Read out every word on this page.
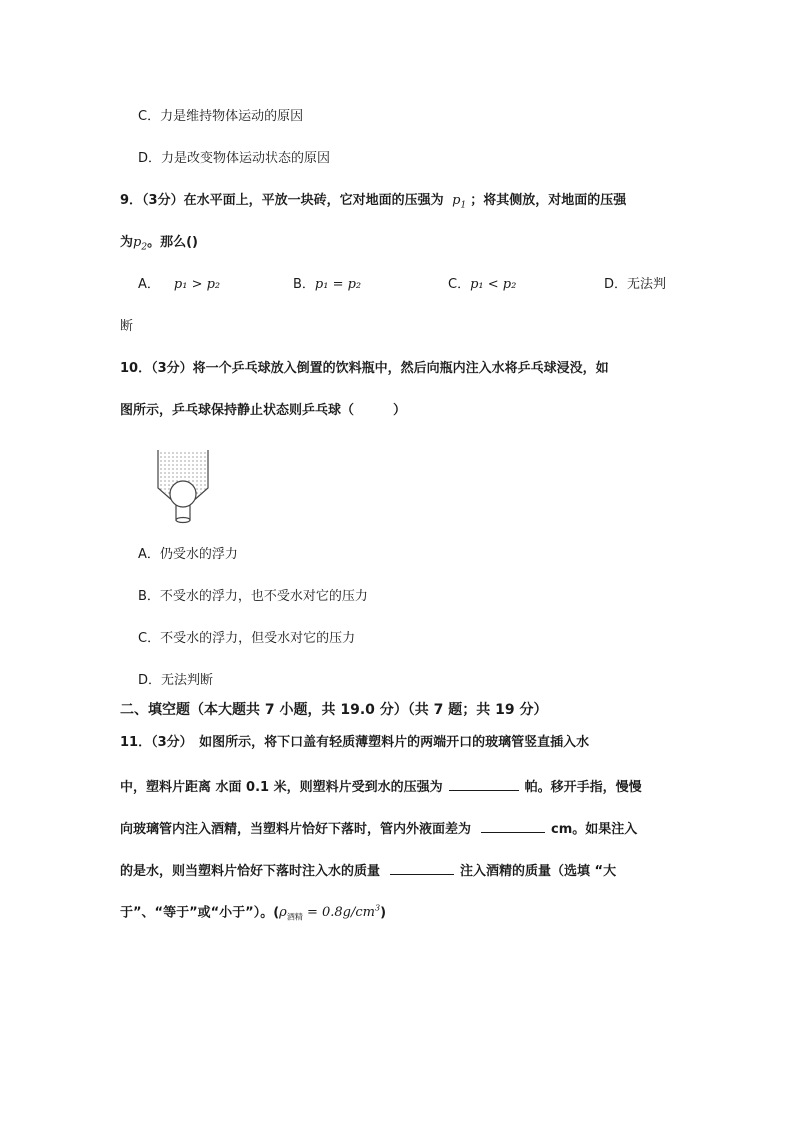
C．力是维持物体运动的原因
D．力是改变物体运动状态的原因
9．（3分）在水平面上，平放一块砖，它对地面的压强为 $p_1$ ；将其侧放，对地面的压强
为$p_2$。那么()
A． p₁ > p₂	B．p₁ = p₂	C．p₁ < p₂	D．无法判
断
10．（3分）将一个乒乓球放入倒置的饮料瓶中，然后向瓶内注入水将乒乓球浸没，如
图所示，乒乓球保持静止状态则乒乓球（　　　）
A．仍受水的浮力
B．不受水的浮力，也不受水对它的压力
C．不受水的浮力，但受水对它的压力
D．无法判断
二、填空题（本大题共 7 小题，共 19.0 分）（共 7 题；共 19 分）
11．（3分）　如图所示，将下口盖有轻质薄塑料片的两端开口的玻璃管竖直插入水
中，塑料片距离 水面 0.1 米，则塑料片受到水的压强为	帕。移开手指，慢慢
向玻璃管内注入酒精，当塑料片恰好下落时，管内外液面差为	cm。如果注入
的是水，则当塑料片恰好下落时注入水的质量	注入酒精的质量（选填 “大
于”、“等于”或“小于”）。$(\rho_{酒精} = 0.8g/cm^3)$
